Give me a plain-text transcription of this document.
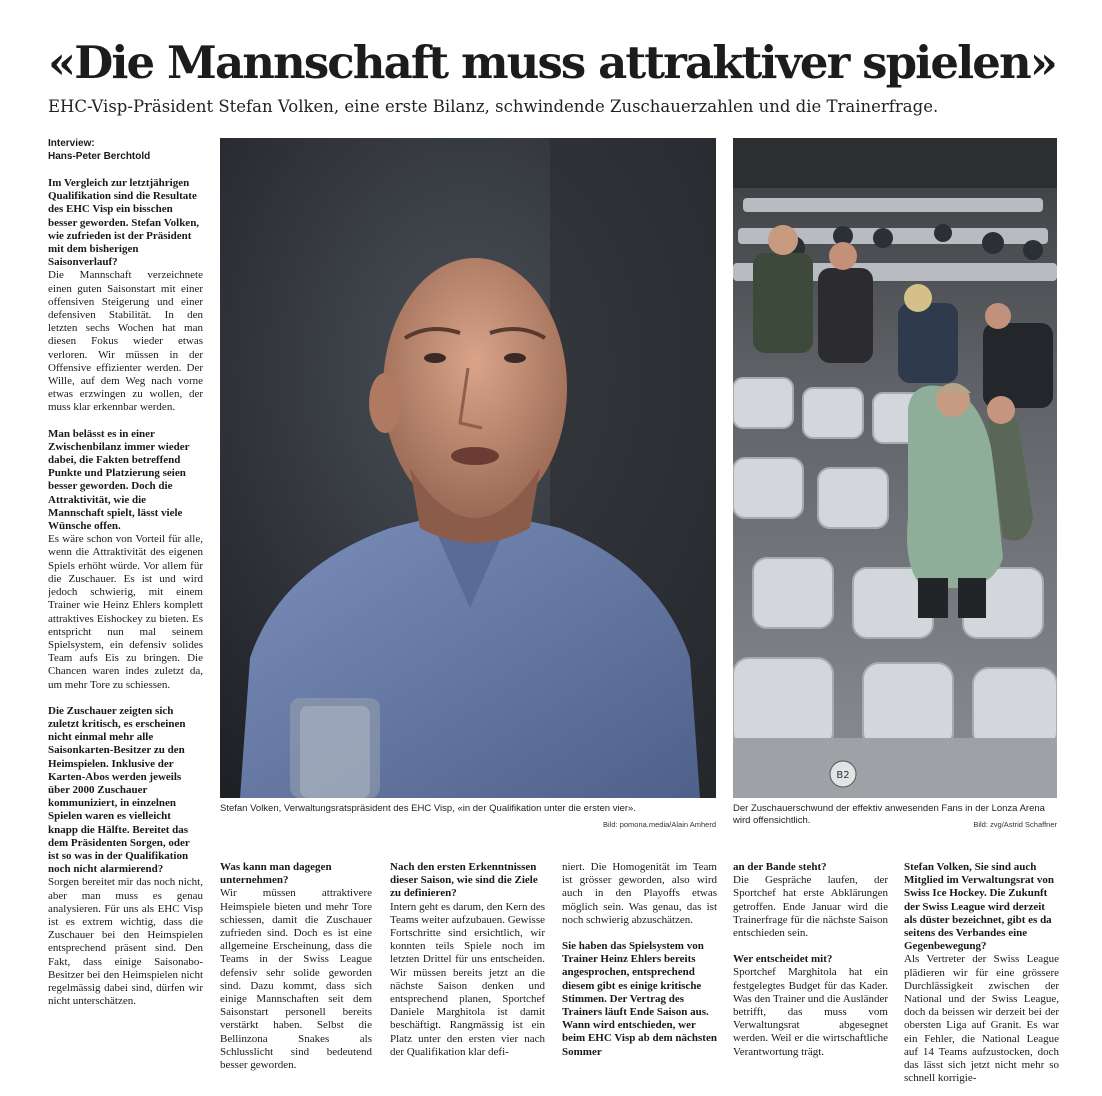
«Die Mannschaft muss attraktiver spielen»
EHC-Visp-Präsident Stefan Volken, eine erste Bilanz, schwindende Zuschauerzahlen und die Trainerfrage.
Interview:
Hans-Peter Berchtold

Im Vergleich zur letztjährigen Qualifikation sind die Resultate des EHC Visp ein bisschen besser geworden. Stefan Volken, wie zufrieden ist der Präsident mit dem bisherigen Saisonverlauf?

Die Mannschaft verzeichnete einen guten Saisonstart mit einer offensiven Steigerung und einer defensiven Stabilität. In den letzten sechs Wochen hat man diesen Fokus wieder etwas verloren. Wir müssen in der Offensive effizienter werden. Der Wille, auf dem Weg nach vorne etwas erzwingen zu wollen, der muss klar erkennbar werden.

Man belässt es in einer Zwischenbilanz immer wieder dabei, die Fakten betreffend Punkte und Platzierung seien besser geworden. Doch die Attraktivität, wie die Mannschaft spielt, lässt viele Wünsche offen.

Es wäre schon von Vorteil für alle, wenn die Attraktivität des eigenen Spiels erhöht würde. Vor allem für die Zuschauer. Es ist und wird jedoch schwierig, mit einem Trainer wie Heinz Ehlers komplett attraktives Eishockey zu bieten. Es entspricht nun mal seinem Spielsystem, ein defensiv solides Team aufs Eis zu bringen. Die Chancen waren indes zuletzt da, um mehr Tore zu schiessen.

Die Zuschauer zeigten sich zuletzt kritisch, es erscheinen nicht einmal mehr alle Saisonkarten-Besitzer zu den Heimspielen. Inklusive der Karten-Abos werden jeweils über 2000 Zuschauer kommuniziert, in einzelnen Spielen waren es vielleicht knapp die Hälfte. Bereitet das dem Präsidenten Sorgen, oder ist so was in der Qualifikation noch nicht alarmierend?

Sorgen bereitet mir das noch nicht, aber man muss es genau analysieren. Für uns als EHC Visp ist es extrem wichtig, dass die Zuschauer bei den Heimspielen entsprechend präsent sind. Den Fakt, dass einige Saisonabo-Besitzer bei den Heimspielen nicht regelmässig dabei sind, dürfen wir nicht unterschätzen.

B2
Stefan Volken, Verwaltungsratspräsident des EHC Visp, «in der Qualifikation unter die ersten vier».
Bild: pomona.media/Alain Amherd
Der Zuschauerschwund der effektiv anwesenden Fans in der Lonza Arena wird offensichtlich.	Bild: zvg/Astrid Schaffner

Was kann man dagegen unternehmen?

Wir müssen attraktivere Heimspiele bieten und mehr Tore schiessen, damit die Zuschauer zufrieden sind. Doch es ist eine allgemeine Erscheinung, dass die Teams in der Swiss League defensiv sehr solide geworden sind. Dazu kommt, dass sich einige Mannschaften seit dem Saisonstart personell bereits verstärkt haben. Selbst die Bellinzona Snakes als Schlusslicht sind bedeutend besser geworden.

Nach den ersten Erkenntnissen dieser Saison, wie sind die Ziele zu definieren?

Intern geht es darum, den Kern des Teams weiter aufzubauen. Gewisse Fortschritte sind ersichtlich, wir konnten teils Spiele noch im letzten Drittel für uns entscheiden. Wir müssen bereits jetzt an die nächste Saison denken und entsprechend planen, Sportchef Daniele Marghitola ist damit beschäftigt. Rangmässig ist ein Platz unter den ersten vier nach der Qualifikation klar defi-

niert. Die Homogenität im Team ist grösser geworden, also wird auch in den Playoffs etwas möglich sein. Was genau, das ist noch schwierig abzuschätzen.

Sie haben das Spielsystem von Trainer Heinz Ehlers bereits angesprochen, entsprechend diesem gibt es einige kritische Stimmen. Der Vertrag des Trainers läuft Ende Saison aus. Wann wird entschieden, wer beim EHC Visp ab dem nächsten Sommer

an der Bande steht?

Die Gespräche laufen, der Sportchef hat erste Abklärungen getroffen. Ende Januar wird die Trainerfrage für die nächste Saison entschieden sein.

Wer entscheidet mit?

Sportchef Marghitola hat ein festgelegtes Budget für das Kader. Was den Trainer und die Ausländer betrifft, das muss vom Verwaltungsrat abgesegnet werden. Weil er die wirtschaftliche Verantwortung trägt.

Stefan Volken, Sie sind auch Mitglied im Verwaltungsrat von Swiss Ice Hockey. Die Zukunft der Swiss League wird derzeit als düster bezeichnet, gibt es da seitens des Verbandes eine Gegenbewegung?

Als Vertreter der Swiss League plädieren wir für eine grössere Durchlässigkeit zwischen der National und der Swiss League, doch da beissen wir derzeit bei der obersten Liga auf Granit. Es war ein Fehler, die National League auf 14 Teams aufzustocken, doch das lässt sich jetzt nicht mehr so schnell korrigie-
